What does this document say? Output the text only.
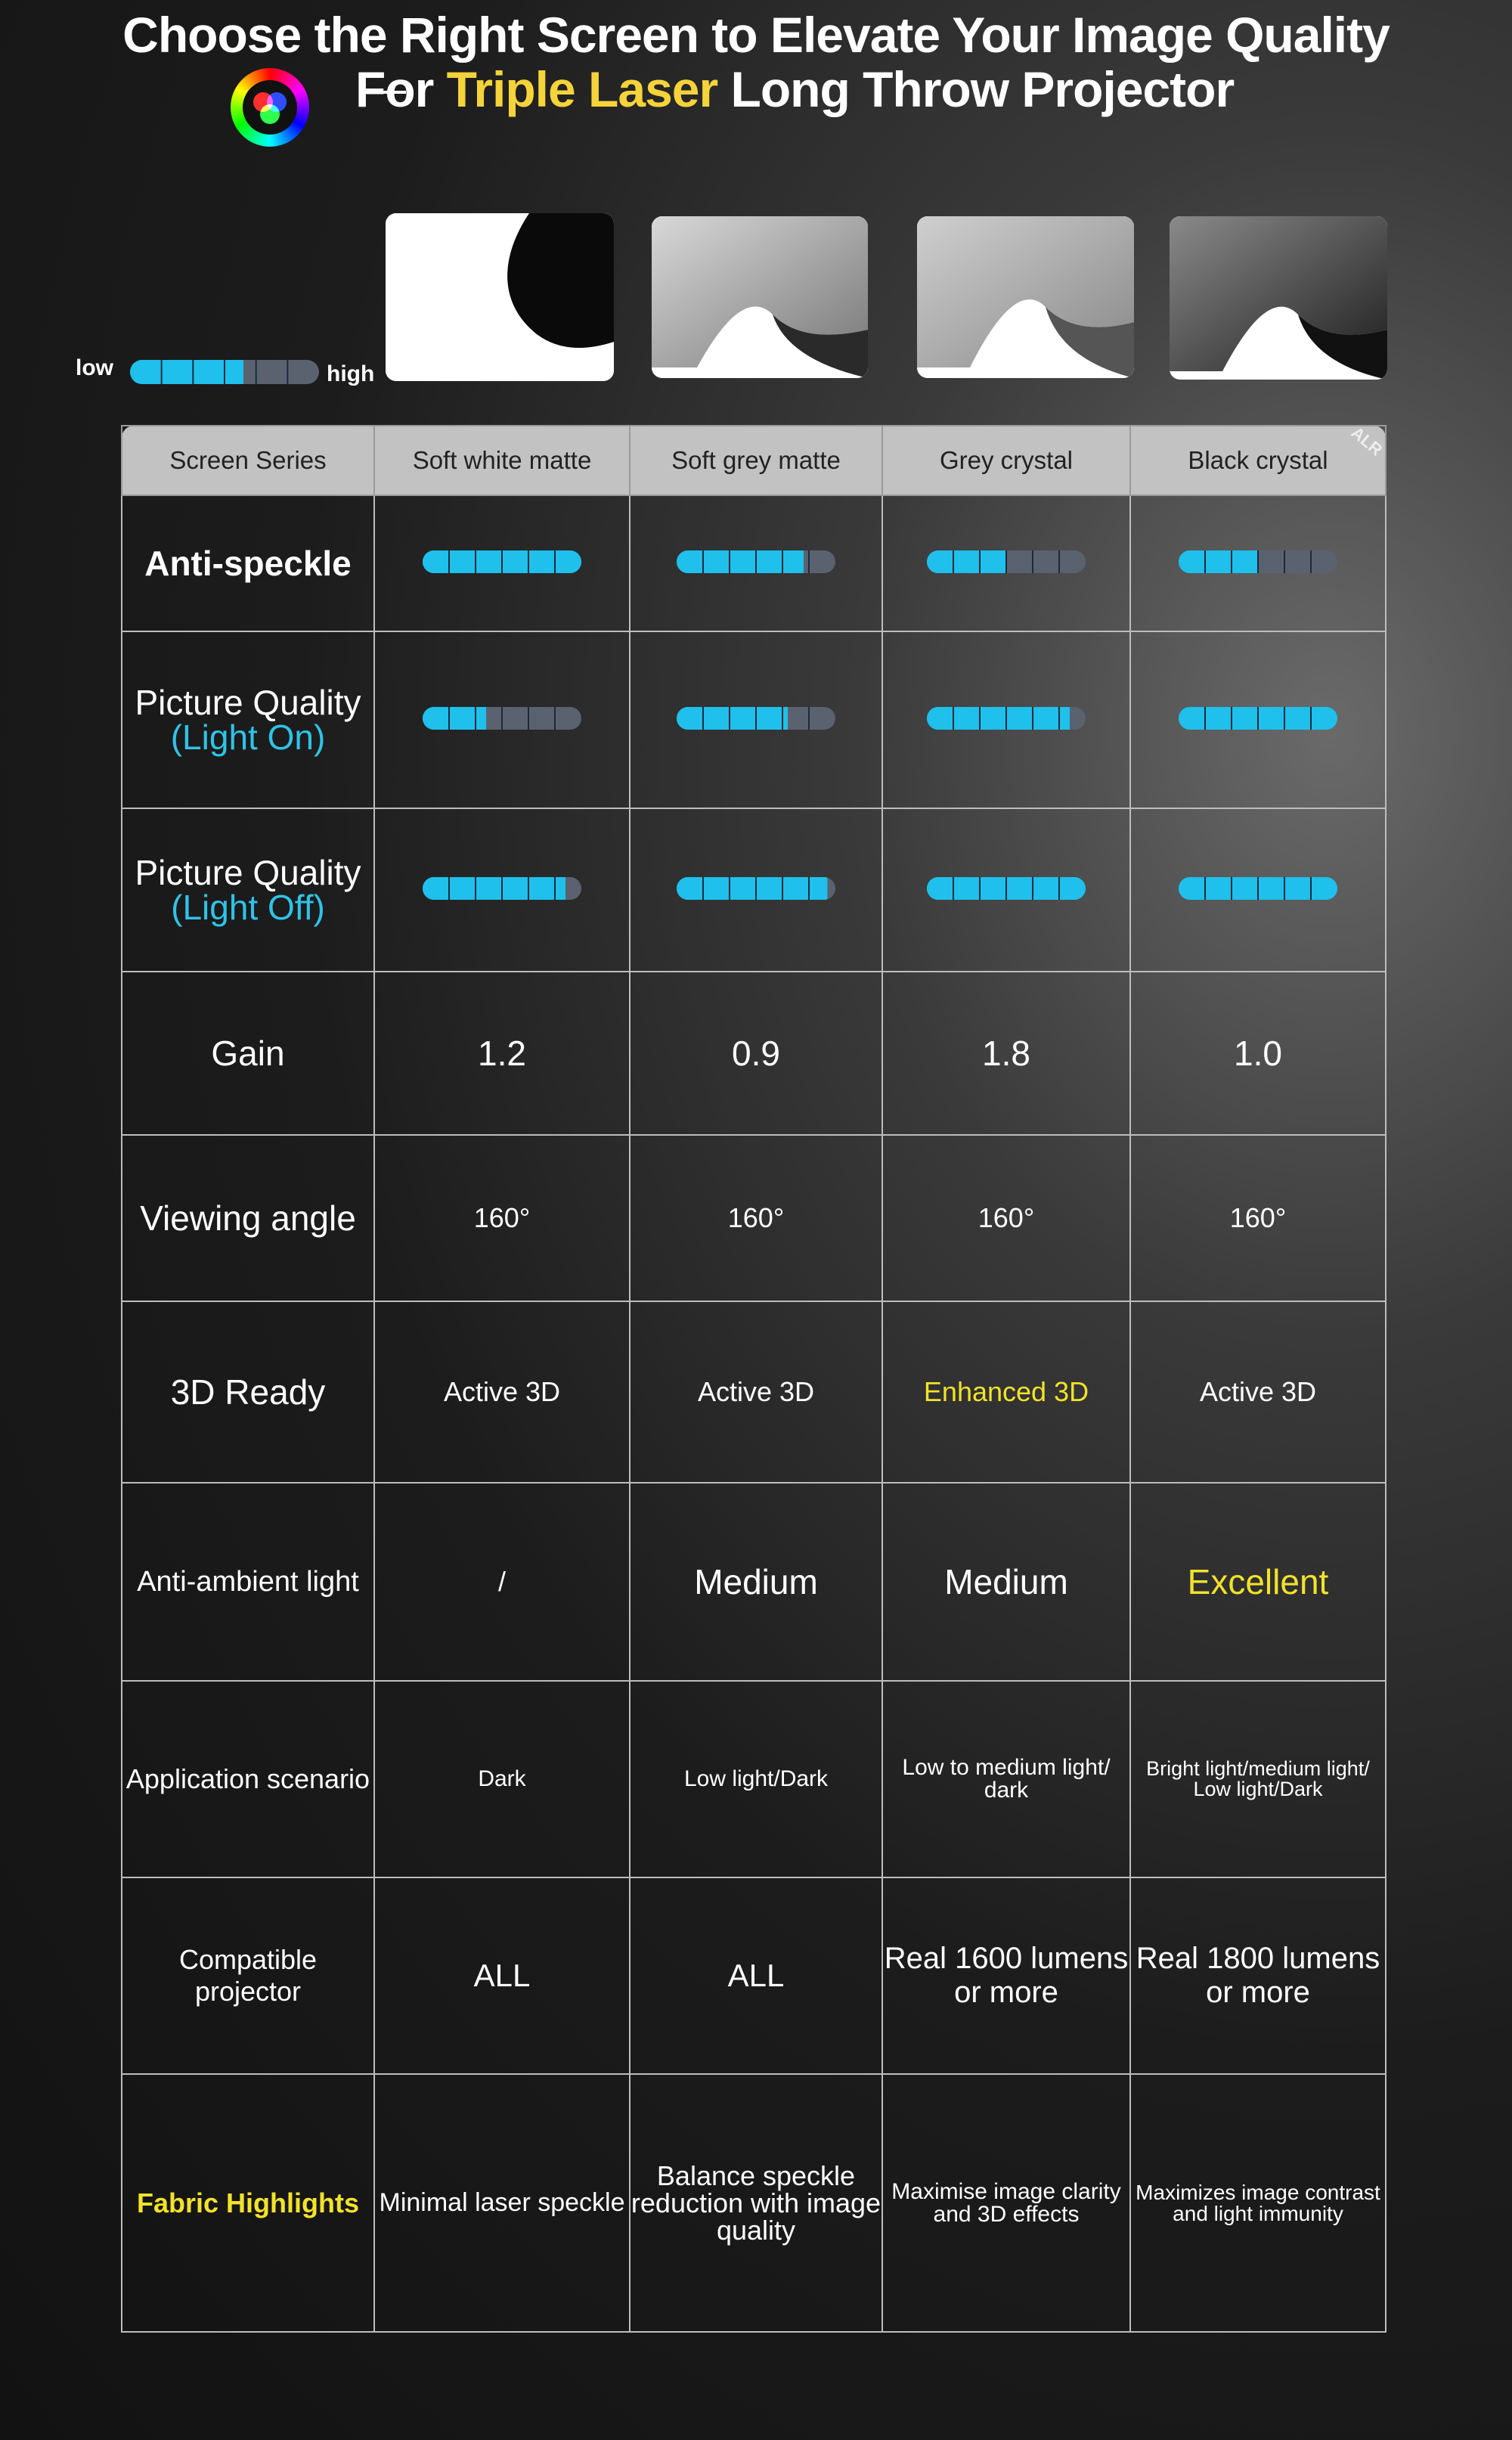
Choose the Right Screen to Elevate Your Image Quality
For Triple Laser Long Throw Projector
low	high
Screen Series	Soft white matte	Soft grey matte	Grey crystal	Black crystal
ALR

Anti-speckle				
Picture Quality
(Light On)				
Picture Quality
(Light Off)				
Gain	1.2	0.9	1.8	1.0
Viewing angle	160°	160°	160°	160°
3D Ready	Active 3D	Active 3D	Enhanced 3D	Active 3D
Anti-ambient light	/	Medium	Medium	Excellent
Application scenario	Dark	Low light/Dark	Low to medium light/ dark	Bright light/medium light/ Low light/Dark
Compatible projector	ALL	ALL	Real 1600 lumens or more	Real 1800 lumens or more
Fabric Highlights	Minimal laser speckle	Balance speckle reduction with image quality	Maximise image clarity and 3D effects	Maximizes image contrast and light immunity
